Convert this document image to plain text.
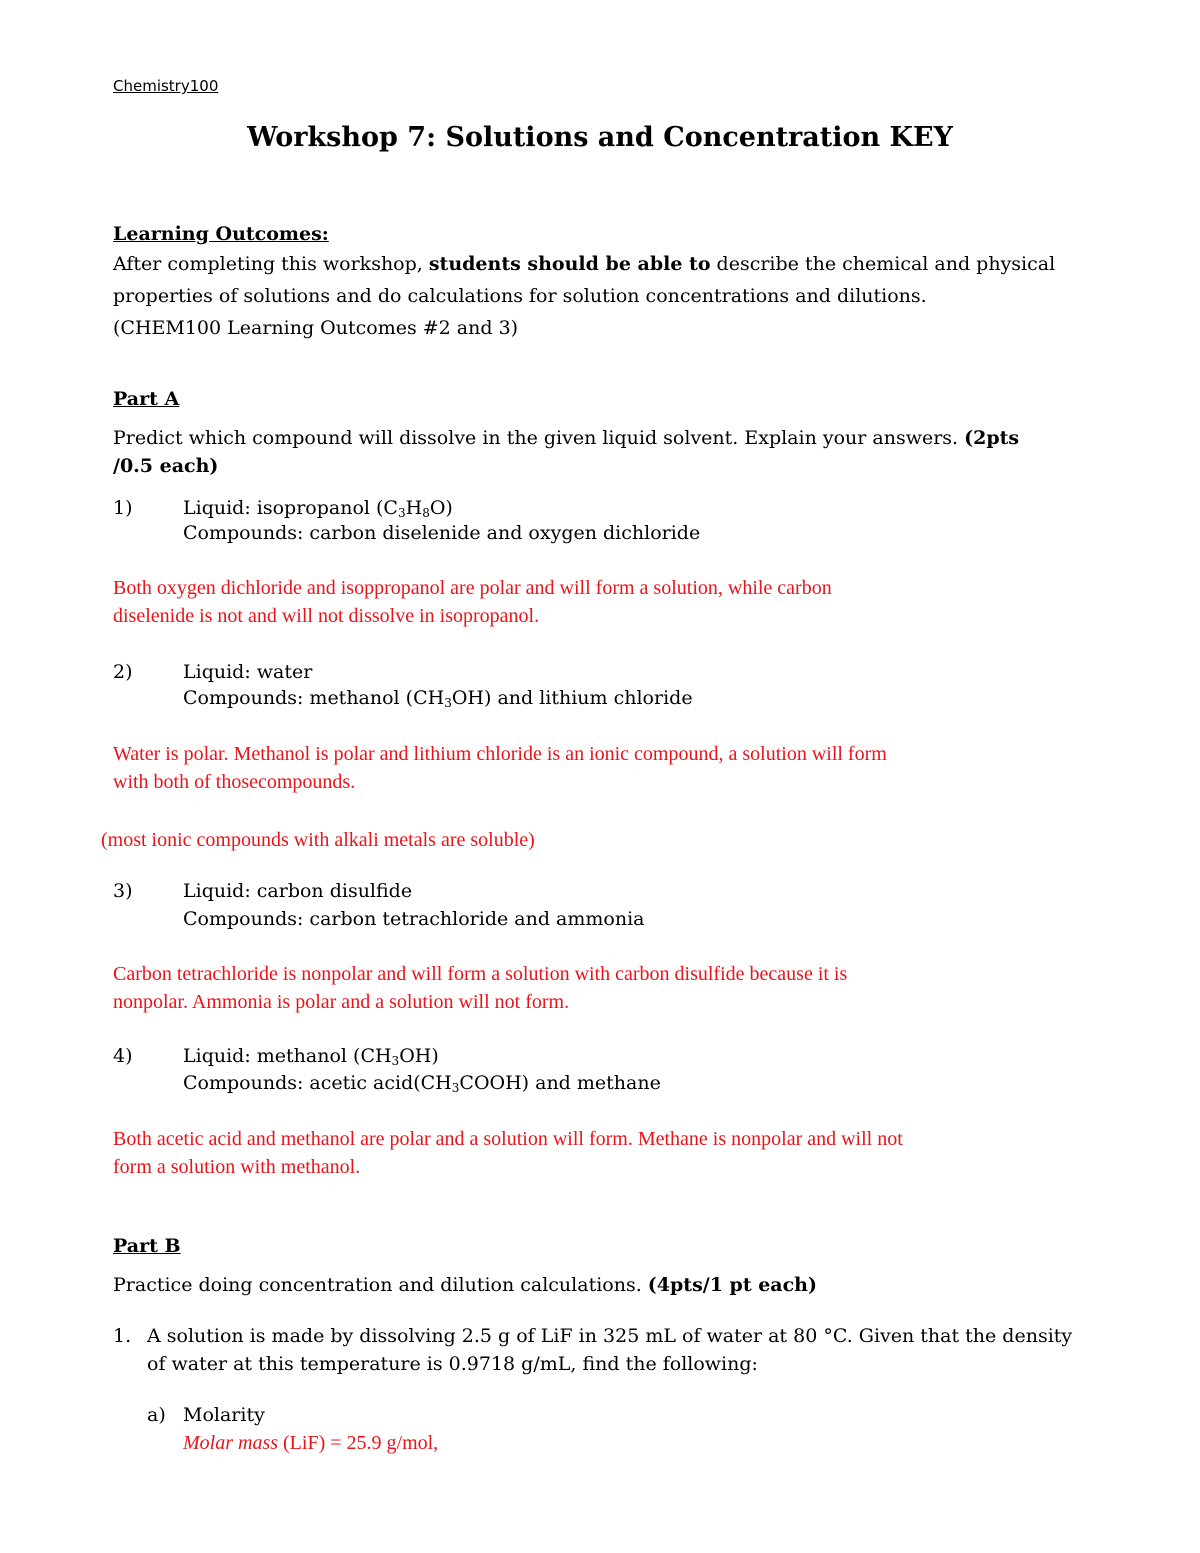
Chemistry100
Workshop 7: Solutions and Concentration KEY
Learning Outcomes:
After completing this workshop, students should be able to describe the chemical and physical
properties of solutions and do calculations for solution concentrations and dilutions.
(CHEM100 Learning Outcomes #2 and 3)
Part A
Predict which compound will dissolve in the given liquid solvent. Explain your answers. (2pts
/0.5 each)
1)	Liquid: isopropanol (C3H8O)
Compounds: carbon diselenide and oxygen dichloride
Both oxygen dichloride and isoppropanol are polar and will form a solution, while carbon
diselenide is not and will not dissolve in isopropanol.
2)	Liquid: water
Compounds: methanol (CH3OH) and lithium chloride
Water is polar. Methanol is polar and lithium chloride is an ionic compound, a solution will form
with both of thosecompounds.
(most ionic compounds with alkali metals are soluble)
3)	Liquid: carbon disulfide
Compounds: carbon tetrachloride and ammonia
Carbon tetrachloride is nonpolar and will form a solution with carbon disulfide because it is
nonpolar. Ammonia is polar and a solution will not form.
4)	Liquid: methanol (CH3OH)
Compounds: acetic acid(CH3COOH) and methane
Both acetic acid and methanol are polar and a solution will form. Methane is nonpolar and will not
form a solution with methanol.
Part B
Practice doing concentration and dilution calculations. (4pts/1 pt each)
1. A solution is made by dissolving 2.5 g of LiF in 325 mL of water at 80 °C. Given that the density
of water at this temperature is 0.9718 g/mL, find the following:
a) Molarity
Molar mass (LiF) = 25.9 g/mol,
